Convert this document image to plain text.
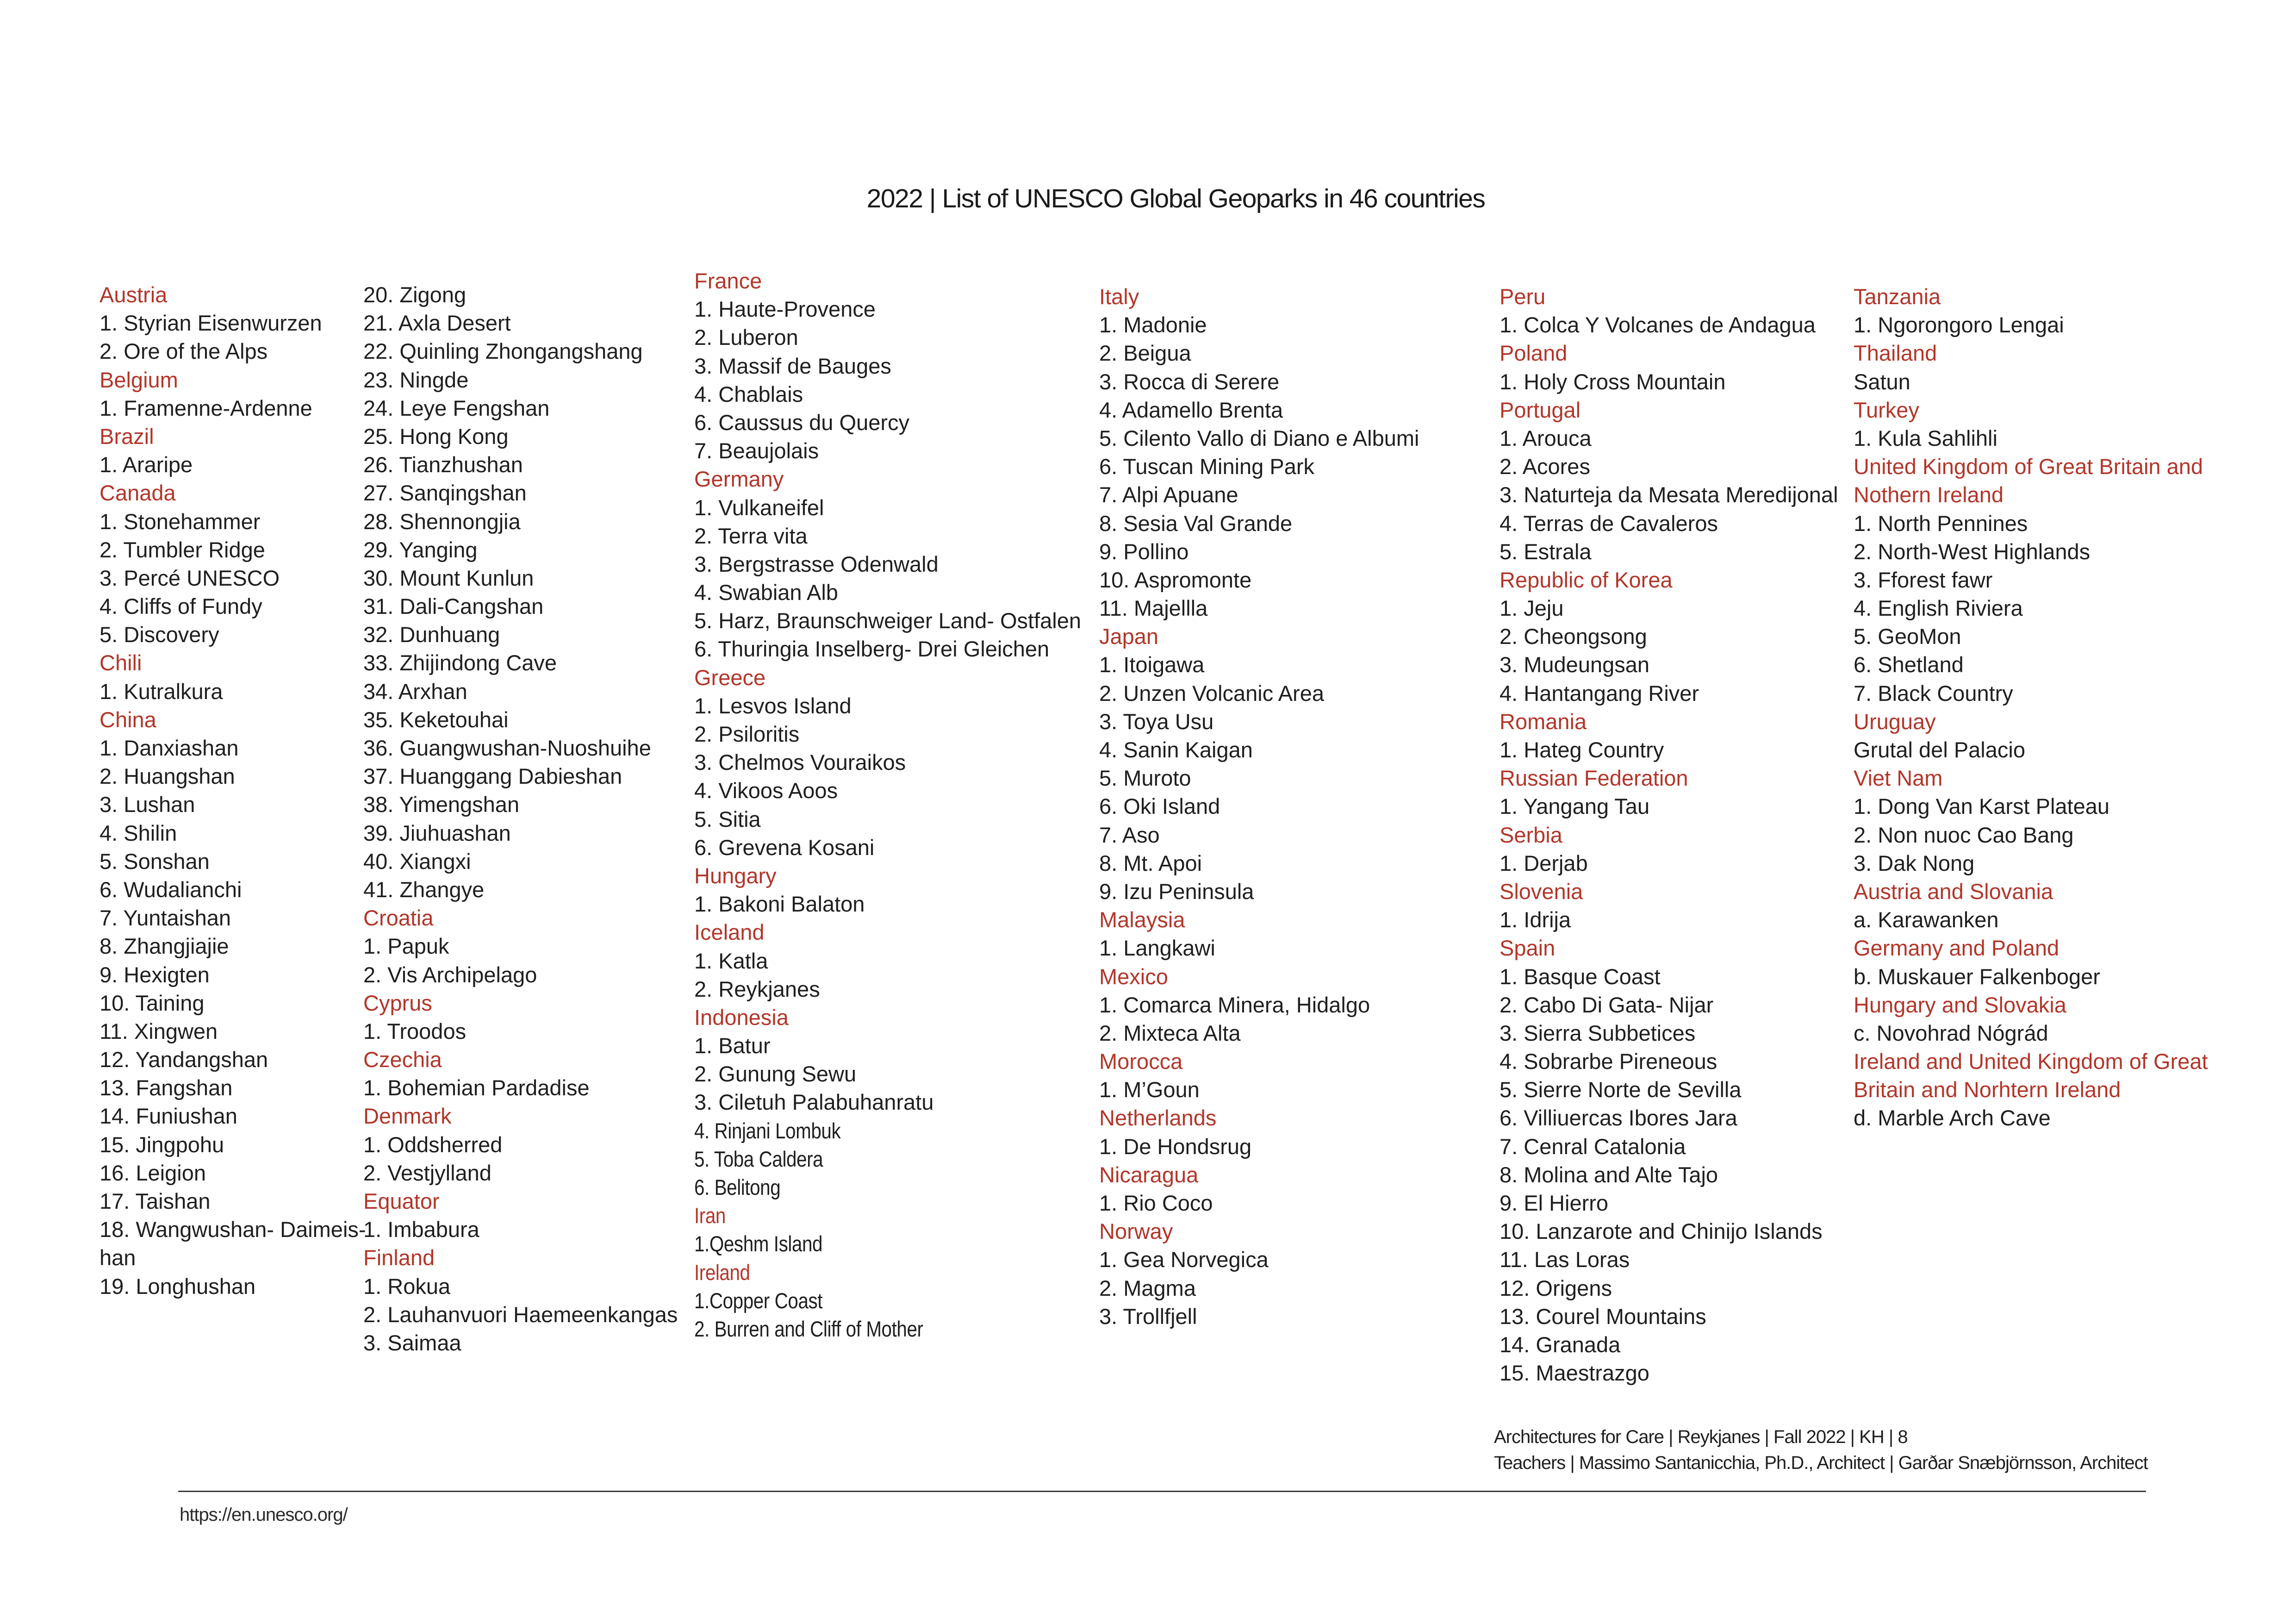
2022 | List of UNESCO Global Geoparks in 46 countries
Austria
1. Styrian Eisenwurzen
2. Ore of the Alps
Belgium
1. Framenne-Ardenne
Brazil
1. Araripe
Canada
1. Stonehammer
2. Tumbler Ridge
3. Percé UNESCO
4. Cliffs of Fundy
5. Discovery
Chili
1. Kutralkura
China
1. Danxiashan
2. Huangshan
3. Lushan
4. Shilin
5. Sonshan
6. Wudalianchi
7. Yuntaishan
8. Zhangjiajie
9. Hexigten
10. Taining
11. Xingwen
12. Yandangshan
13. Fangshan
14. Funiushan
15. Jingpohu
16. Leigion
17. Taishan
18. Wangwushan- Daimeis-
han
19. Longhushan
20. Zigong
21. Axla Desert
22. Quinling Zhongangshang
23. Ningde
24. Leye Fengshan
25. Hong Kong
26. Tianzhushan
27. Sanqingshan
28. Shennongjia
29. Yanging
30. Mount Kunlun
31. Dali-Cangshan
32. Dunhuang
33. Zhijindong Cave
34. Arxhan
35. Keketouhai
36. Guangwushan-Nuoshuihe
37. Huanggang Dabieshan
38. Yimengshan
39. Jiuhuashan
40. Xiangxi
41. Zhangye
Croatia
1. Papuk
2. Vis Archipelago
Cyprus
1. Troodos
Czechia
1. Bohemian Pardadise
Denmark
1. Oddsherred
2. Vestjylland
Equator
1. Imbabura
Finland
1. Rokua
2. Lauhanvuori Haemeenkangas
3. Saimaa
France
1. Haute-Provence
2. Luberon
3. Massif de Bauges
4. Chablais
6. Caussus du Quercy
7. Beaujolais
Germany
1. Vulkaneifel
2. Terra vita
3. Bergstrasse Odenwald
4. Swabian Alb
5. Harz, Braunschweiger Land- Ostfalen
6. Thuringia Inselberg- Drei Gleichen
Greece
1. Lesvos Island
2. Psiloritis
3. Chelmos Vouraikos
4. Vikoos Aoos
5. Sitia
6. Grevena Kosani
Hungary
1. Bakoni Balaton
Iceland
1. Katla
2. Reykjanes
Indonesia
1. Batur
2. Gunung Sewu
3. Ciletuh Palabuhanratu
4. Rinjani Lombuk
5. Toba Caldera
6. Belitong
Iran
1.Qeshm Island
Ireland
1.Copper Coast
2. Burren and Cliff of Mother
Italy
1. Madonie
2. Beigua
3. Rocca di Serere
4. Adamello Brenta
5. Cilento Vallo di Diano e Albumi
6. Tuscan Mining Park
7. Alpi Apuane
8. Sesia Val Grande
9. Pollino
10. Aspromonte
11. Majellla
Japan
1. Itoigawa
2. Unzen Volcanic Area
3. Toya Usu
4. Sanin Kaigan
5. Muroto
6. Oki Island
7. Aso
8. Mt. Apoi
9. Izu Peninsula
Malaysia
1. Langkawi
Mexico
1. Comarca Minera, Hidalgo
2. Mixteca Alta
Morocca
1. M’Goun
Netherlands
1. De Hondsrug
Nicaragua
1. Rio Coco
Norway
1. Gea Norvegica
2. Magma
3. Trollfjell
Peru
1. Colca Y Volcanes de Andagua
Poland
1. Holy Cross Mountain
Portugal
1. Arouca
2. Acores
3. Naturteja da Mesata Meredijonal
4. Terras de Cavaleros
5. Estrala
Republic of Korea
1. Jeju
2. Cheongsong
3. Mudeungsan
4. Hantangang River
Romania
1. Hateg Country
Russian Federation
1. Yangang Tau
Serbia
1. Derjab
Slovenia
1. Idrija
Spain
1. Basque Coast
2. Cabo Di Gata- Nijar
3. Sierra Subbetices
4. Sobrarbe Pireneous
5. Sierre Norte de Sevilla
6. Villiuercas Ibores Jara
7. Cenral Catalonia
8. Molina and Alte Tajo
9. El Hierro
10. Lanzarote and Chinijo Islands
11. Las Loras
12. Origens
13. Courel Mountains
14. Granada
15. Maestrazgo
Tanzania
1. Ngorongoro Lengai
Thailand
Satun
Turkey
1. Kula Sahlihli
United Kingdom of Great Britain and
Nothern Ireland
1. North Pennines
2. North-West Highlands
3. Fforest fawr
4. English Riviera
5. GeoMon
6. Shetland
7. Black Country
Uruguay
Grutal del Palacio
Viet Nam
1. Dong Van Karst Plateau
2. Non nuoc Cao Bang
3. Dak Nong
Austria and Slovania
a. Karawanken
Germany and Poland
b. Muskauer Falkenboger
Hungary and Slovakia
c. Novohrad Nógrád
Ireland and United Kingdom of Great
Britain and Norhtern Ireland
d. Marble Arch Cave
Architectures for Care | Reykjanes | Fall 2022 | KH | 8
Teachers | Massimo Santanicchia, Ph.D., Architect | Garðar Snæbjörnsson, Architect
https://en.unesco.org/
